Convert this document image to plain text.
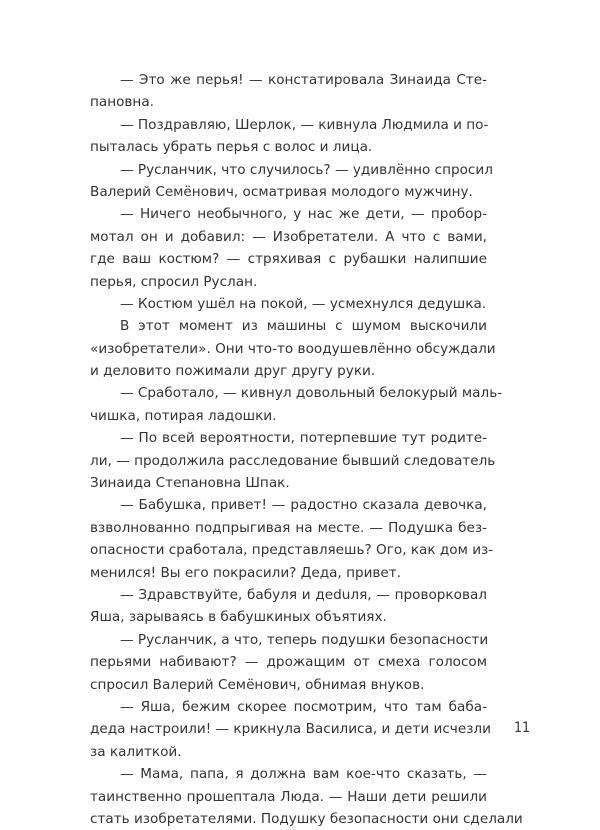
— Это же перья! — констатировала Зинаида Сте-
пановна.
— Поздравляю, Шерлок, — кивнула Людмила и по-
пыталась убрать перья с волос и лица.
— Русланчик, что случилось? — удивлённо спросил
Валерий Семёнович, осматривая молодого мужчину.
— Ничего необычного, у нас же дети, — пробор-
мотал он и добавил: — Изобретатели. А что с вами,
где ваш костюм? — стряхивая с рубашки налипшие
перья, спросил Руслан.
— Костюм ушёл на покой, — усмехнулся дедушка.
В этот момент из машины с шумом выскочили
«изобретатели». Они что-то воодушевлённо обсуждали
и деловито пожимали друг другу руки.
— Сработало, — кивнул довольный белокурый маль-
чишка, потирая ладошки.
— По всей вероятности, потерпевшие тут родите-
ли, — продолжила расследование бывший следователь
Зинаида Степановна Шпак.
— Бабушка, привет! — радостно сказала девочка,
взволнованно подпрыгивая на месте. — Подушка без-
опасности сработала, представляешь? Ого, как дом из-
менился! Вы его покрасили? Деда, привет.
— Здравствуйте, бабуля и деduля, — проворковал
Яша, зарываясь в бабушкиных объятиях.
— Русланчик, а что, теперь подушки безопасности
перьями набивают? — дрожащим от смеха голосом
спросил Валерий Семёнович, обнимая внуков.
— Яша, бежим скорее посмотрим, что там баба-
деда настроили! — крикнула Василиса, и дети исчезли
за калиткой.
— Мама, папа, я должна вам кое-что сказать, —
таинственно прошептала Люда. — Наши дети решили
стать изобретателями. Подушку безопасности они сделали
11
